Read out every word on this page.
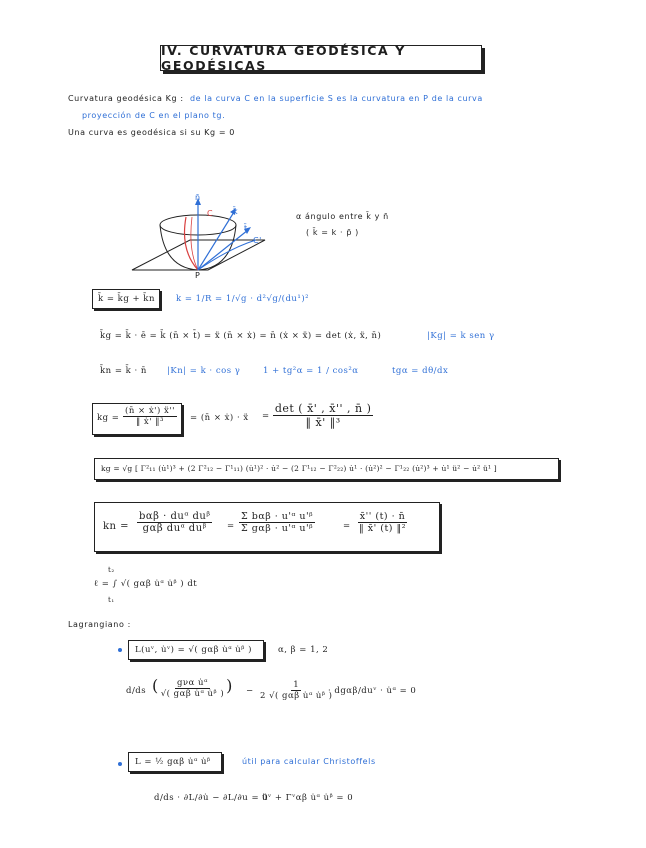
IV. CURVATURA GEODÉSICA Y GEODÉSICAS
Curvatura geodésica Kg : de la curva C en la superficie S es la curvatura en P de la curva
proyección de C en el plano tg.
Una curva es geodésica si su Kg = 0
n̄
k̄
t̄
C
C'
P
α ángulo entre k̄ y n̄
( k̄ = k · p̄ )
k̄ = k̄g + k̄n k = 1/R = 1/√g · d²√g/(du¹)²
k̄g = k̄ · ē = k̄ (n̄ × t̄) = ẍ (n̄ × ẋ) = n̄ (ẋ × ẍ) = det (ẋ, ẍ, n̄)	|Kg| = k sen γ
k̄n = k̄ · n̄ |Kn| = k · cos γ	1 + tg²α = 1 / cos²α	tgα = dθ/dx
kg = $\frac{\text{(n̄ × ẋ') ẍ''}}{\text{‖ ẋ' ‖³}}$ = (n̄ × ẋ) · ẍ = $\frac{\det ( x̄' , x̄'' , n̄ )}{\text{‖ x̄' ‖³}}$
kg = √g [ Γ²₁₁ (u̇¹)³ + (2 Γ²₁₂ − Γ¹₁₁) (u̇¹)² · u̇² − (2 Γ¹₁₂ − Γ²₂₂) u̇¹ · (u̇²)² − Γ¹₂₂ (u̇²)³ + u̇¹ ü² − u̇² ü¹ ]
kn = $\frac{\text{bαβ · duᵅ duᵝ}}{\text{gαβ duᵅ duᵝ}} = \frac{\text{Σ bαβ · u'ᵅ u'ᵝ}}{\text{Σ gαβ · u'ᵅ u'ᵝ}}$	= $\frac{x̄'' (t) \cdot n̄}{\text{‖ x̄' (t) ‖²}}$
t₂
ℓ = ∫ √( gαβ u̇ᵅ u̇ᵝ ) dt
t₁
Lagrangiano :
L(uᵛ, u̇ᵛ) = √( gαβ u̇ᵅ u̇ᵝ )	α, β = 1, 2
d/ds ( $\frac{\text{gνα u̇ᵅ}}{\text{√( gαβ u̇ᵅ u̇ᵝ )}}$ ) − $\frac{1}{\text{2 √( gαβ u̇ᵅ u̇ᵝ )}}$
· dgαβ/duᵛ · u̇ᵅ = 0
L = ½ gαβ u̇ᵅ u̇ᵝ	útil para calcular Christoffels
d/ds · ∂L/∂u̇ − ∂L/∂u = 0
üᵛ + Γᵛαβ u̇ᵅ u̇ᵝ = 0
